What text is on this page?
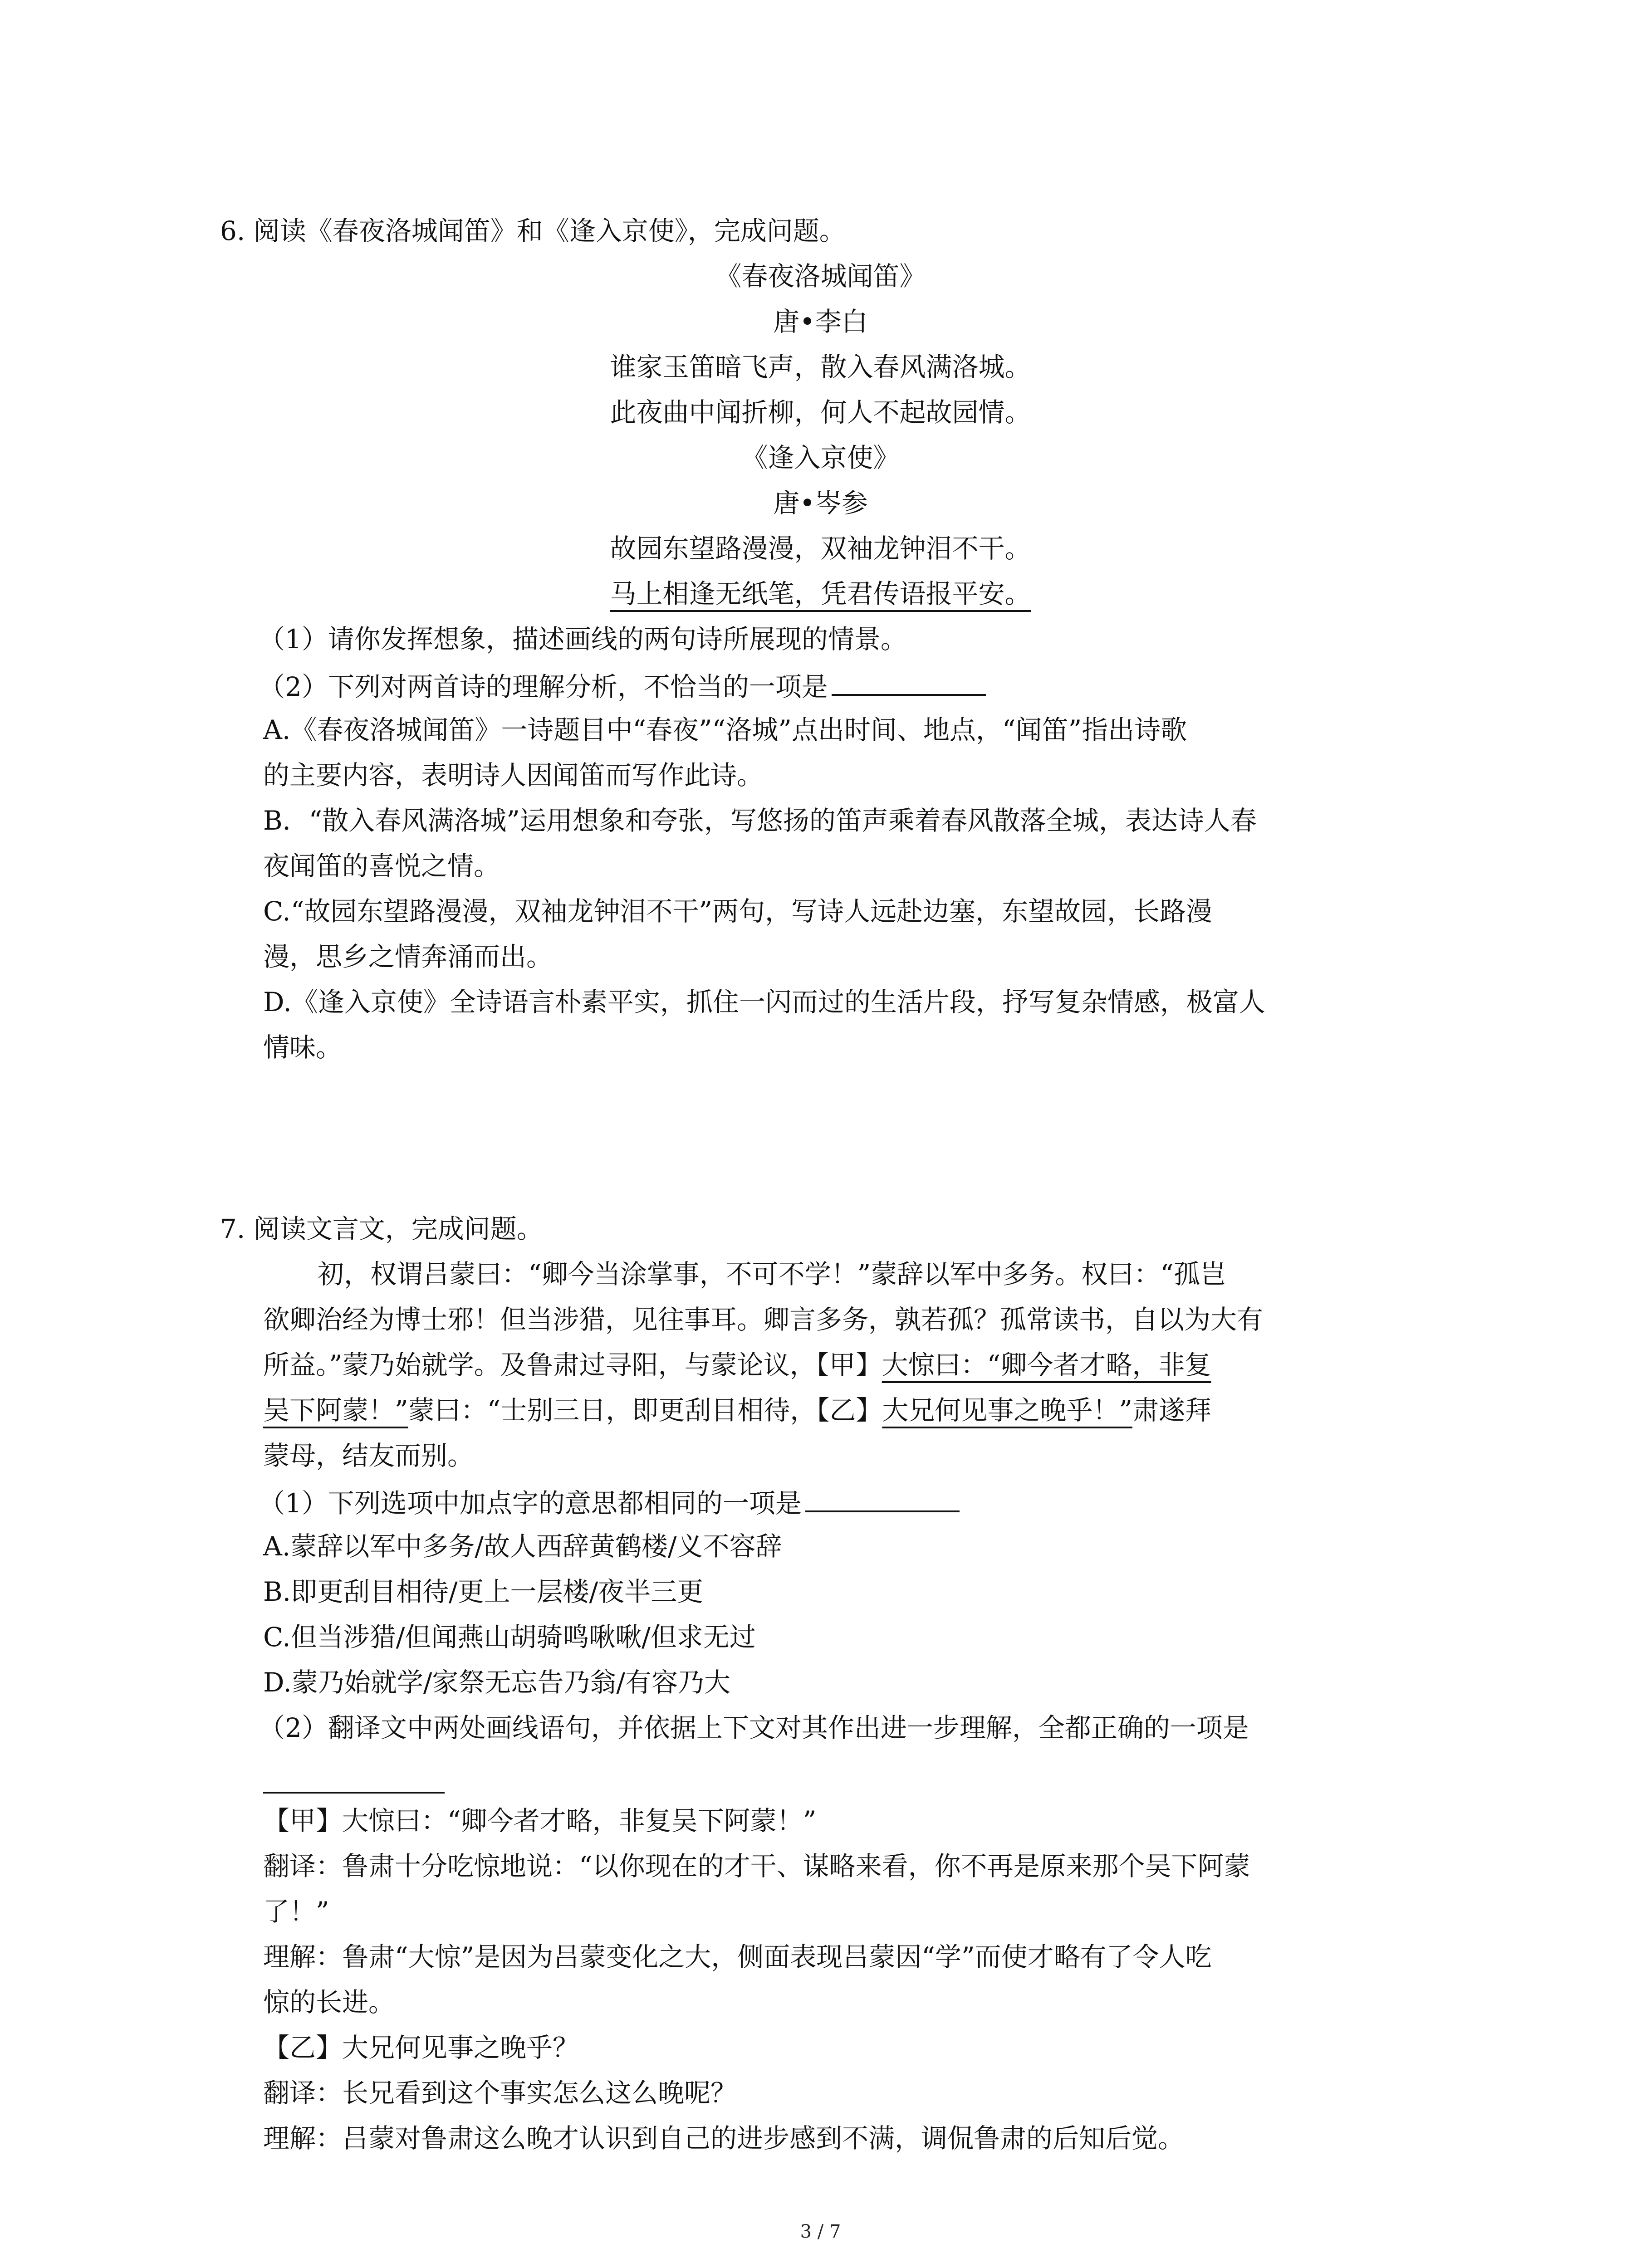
6. 阅读《春夜洛城闻笛》和《逢入京使》，完成问题。
《春夜洛城闻笛》
唐•李白
谁家玉笛暗飞声，散入春风满洛城。
此夜曲中闻折柳，何人不起故园情。
《逢入京使》
唐•岑参
故园东望路漫漫，双袖龙钟泪不干。
马上相逢无纸笔，凭君传语报平安。
（1）请你发挥想象，描述画线的两句诗所展现的情景。
（2）下列对两首诗的理解分析，不恰当的一项是
A.《春夜洛城闻笛》一诗题目中“春夜”“洛城”点出时间、地点，“闻笛”指出诗歌
的主要内容，表明诗人因闻笛而写作此诗。
B．“散入春风满洛城”运用想象和夸张，写悠扬的笛声乘着春风散落全城，表达诗人春
夜闻笛的喜悦之情。
C.“故园东望路漫漫，双袖龙钟泪不干”两句，写诗人远赴边塞，东望故园，长路漫
漫，思乡之情奔涌而出。
D.《逢入京使》全诗语言朴素平实，抓住一闪而过的生活片段，抒写复杂情感，极富人
情味。
7. 阅读文言文，完成问题。
初，权谓吕蒙曰：“卿今当涂掌事，不可不学！”蒙辞以军中多务。权曰：“孤岂
欲卿治经为博士邪！但当涉猎，见往事耳。卿言多务，孰若孤？孤常读书，自以为大有
所益。”蒙乃始就学。及鲁肃过寻阳，与蒙论议，【甲】大惊曰：“卿今者才略，非复
吴下阿蒙！”蒙曰：“士别三日，即更刮目相待，【乙】大兄何见事之晚乎！”肃遂拜
蒙母，结友而别。
（1）下列选项中加点字的意思都相同的一项是
A.蒙辞以军中多务/故人西辞黄鹤楼/义不容辞
B.即更刮目相待/更上一层楼/夜半三更
C.但当涉猎/但闻燕山胡骑鸣啾啾/但求无过
D.蒙乃始就学/家祭无忘告乃翁/有容乃大
（2）翻译文中两处画线语句，并依据上下文对其作出进一步理解，全都正确的一项是
【甲】大惊曰：“卿今者才略，非复吴下阿蒙！”
翻译：鲁肃十分吃惊地说：“以你现在的才干、谋略来看，你不再是原来那个吴下阿蒙
了！”
理解：鲁肃“大惊”是因为吕蒙变化之大，侧面表现吕蒙因“学”而使才略有了令人吃
惊的长进。
【乙】大兄何见事之晚乎？
翻译：长兄看到这个事实怎么这么晚呢？
理解：吕蒙对鲁肃这么晚才认识到自己的进步感到不满，调侃鲁肃的后知后觉。
3 / 7
